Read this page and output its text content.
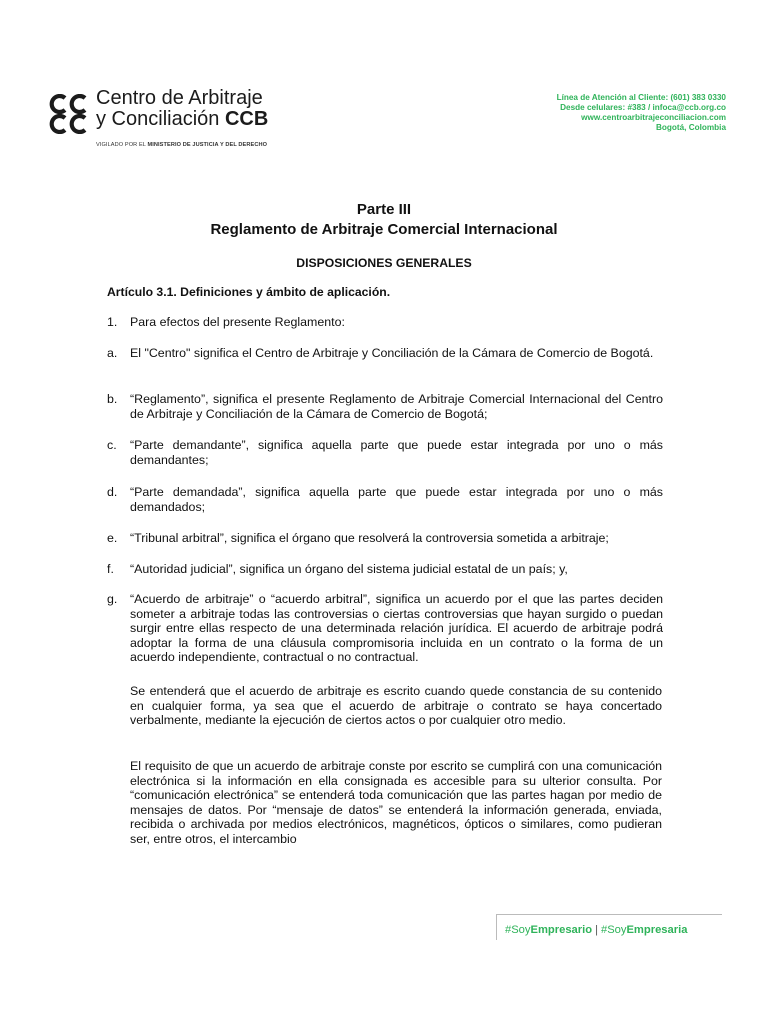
Centro de Arbitraje
y Conciliación CCB
VIGILADO POR EL MINISTERIO DE JUSTICIA Y DEL DERECHO
Línea de Atención al Cliente: (601) 383 0330
Desde celulares: #383 / infoca@ccb.org.co
www.centroarbitrajeconciliacion.com
Bogotá, Colombia
Parte III
Reglamento de Arbitraje Comercial Internacional
DISPOSICIONES GENERALES
Artículo 3.1. Definiciones y ámbito de aplicación.
1. Para efectos del presente Reglamento:
a. El "Centro" significa el Centro de Arbitraje y Conciliación de la Cámara de Comercio de Bogotá.
b. “Reglamento”, significa el presente Reglamento de Arbitraje Comercial Internacional del Centro de Arbitraje y Conciliación de la Cámara de Comercio de Bogotá;
c. “Parte demandante”, significa aquella parte que puede estar integrada por uno o más demandantes;
d. “Parte demandada”, significa aquella parte que puede estar integrada por uno o más demandados;
e. “Tribunal arbitral”, significa el órgano que resolverá la controversia sometida a arbitraje;
f. “Autoridad judicial”, significa un órgano del sistema judicial estatal de un país; y,
g. “Acuerdo de arbitraje” o “acuerdo arbitral”, significa un acuerdo por el que las partes deciden someter a arbitraje todas las controversias o ciertas controversias que hayan surgido o puedan surgir entre ellas respecto de una determinada relación jurídica. El acuerdo de arbitraje podrá adoptar la forma de una cláusula compromisoria incluida en un contrato o la forma de un acuerdo independiente, contractual o no contractual.
Se entenderá que el acuerdo de arbitraje es escrito cuando quede constancia de su contenido en cualquier forma, ya sea que el acuerdo de arbitraje o contrato se haya concertado verbalmente, mediante la ejecución de ciertos actos o por cualquier otro medio.
El requisito de que un acuerdo de arbitraje conste por escrito se cumplirá con una comunicación electrónica si la información en ella consignada es accesible para su ulterior consulta. Por “comunicación electrónica” se entenderá toda comunicación que las partes hagan por medio de mensajes de datos. Por “mensaje de datos” se entenderá la información generada, enviada, recibida o archivada por medios electrónicos, magnéticos, ópticos o similares, como pudieran ser, entre otros, el intercambio
#SoyEmpresario | #SoyEmpresaria
